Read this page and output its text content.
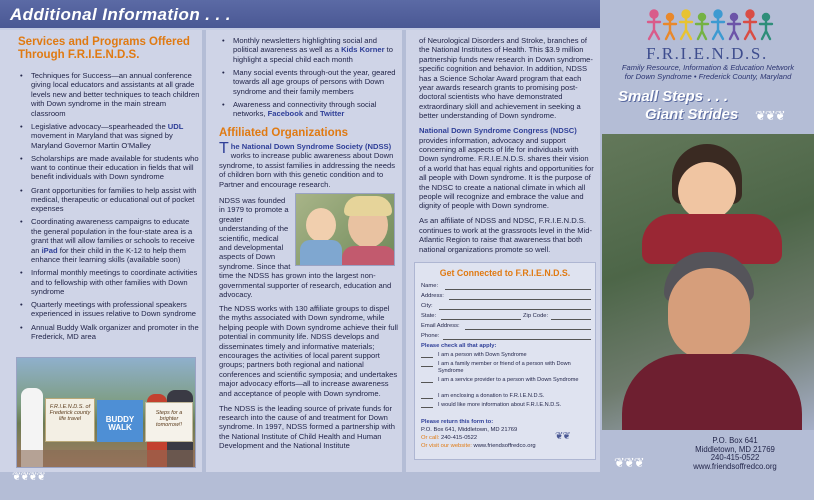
Additional Information . . .
Services and Programs Offered Through F.R.I.E.N.D.S.
• Techniques for Success—an annual conference giving local educators and assistants at all grade levels new and better techniques to teach children with Down syndrome in the main stream classroom
• Legislative advocacy—spearheaded the UDL movement in Maryland that was signed by Maryland Governor Martin O’Malley
• Scholarships are made available for students who want to continue their education in fields that will benefit individuals with Down syndrome
• Grant opportunities for families to help assist with medical, therapeutic or educational out of pocket expenses
• Coordinating awareness campaigns to educate the general population in the four-state area is a grant that will allow families or schools to receive an iPad for their child in the K-12 to help them enhance their learning skills (available soon)
• Informal monthly meetings to coordinate activities and to fellowship with other families with Down syndrome
• Quarterly meetings with professional speakers experienced in issues relative to Down syndrome
• Annual Buddy Walk organizer and promoter in the Frederick, MD area
F.R.I.E.N.D.S. of Frederick county life travel	BUDDY WALK
Steps for a brighter tomorrow!!
• Monthly newsletters highlighting social and political awareness as well as a Kids Korner to highlight a special child each month
• Many social events through-out the year, geared towards all age groups of persons with Down syndrome and their family members
• Awareness and connectivity through social networks, Facebook and Twitter
Affiliated Organizations
The National Down Syndrome Society (NDSS) works to increase public awareness about Down syndrome, to assist families in addressing the needs of children born with this genetic condition and to Partner and encourage research.
NDSS was founded in 1979 to promote a greater understanding of the scientific, medical and developmental aspects of Down syndrome. Since that time the NDSS has grown into the largest non-governmental supporter of research, education and advocacy.

The NDSS works with 130 affiliate groups to dispel the myths associated with Down syndrome, while helping people with Down syndrome achieve their full potential in community life. NDSS develops and disseminates timely and informative materials; encourages the activities of local parent support groups; partners both regional and national conferences and scientific symposia; and undertakes major advocacy efforts—all to increase awareness and acceptance of people with Down syndrome.

The NDSS is the leading source of private funds for research into the cause of and treatment for Down syndrome. In 1997, NDSS formed a partnership with the National Institute of Child Health and Human Development and the National Institute

of Neurological Disorders and Stroke, branches of the National Institutes of Health. This $3.9 million partnership funds new research in Down syndrome-specific cognition and behavior. In addition, NDSS has a Science Scholar Award program that each year awards research grants to promising post-doctoral scientists who have demonstrated extraordinary skill and achievement in seeking a better understanding of Down syndrome.

National Down Syndrome Congress (NDSC)
provides information, advocacy and support concerning all aspects of life for individuals with Down syndrome. F.R.I.E.N.D.S. shares their vision of a world that has equal rights and opportunities for all people with Down syndrome. It is the purpose of the NDSC to create a national climate in which all people will recognize and embrace the value and dignity of people with Down syndrome.

As an affiliate of NDSS and NDSC, F.R.I.E.N.D.S. continues to work at the grassroots level in the Mid-Atlantic Region to raise that awareness that both national organizations promote so well.

Get Connected to F.R.I.E.N.D.S.
Name:
Address:
City:
State:	Zip Code:
Email Address:
Phone:
Please check all that apply:
I am a person with Down Syndrome
I am a family member or friend of a person with Down Syndrome
I am a service provider to a person with Down Syndrome
I am enclosing a donation to F.R.I.E.N.D.S.
I would like more information about F.R.I.E.N.D.S.
Please return this form to:
P.O. Box 641, Middletown, MD 21769
Or call: 240-415-0522
Or visit our website: www.friendsoffredco.org
❦❦
F.R.I.E.N.D.S.
Family Resource, Information & Education Network
for Down Syndrome • Frederick County, Maryland
Small Steps . . .
Giant Strides ❦❦❦
P.O. Box 641
Middletown, MD 21769
240-415-0522
www.friendsoffredco.org
❦❦❦
❦❦❦❦
